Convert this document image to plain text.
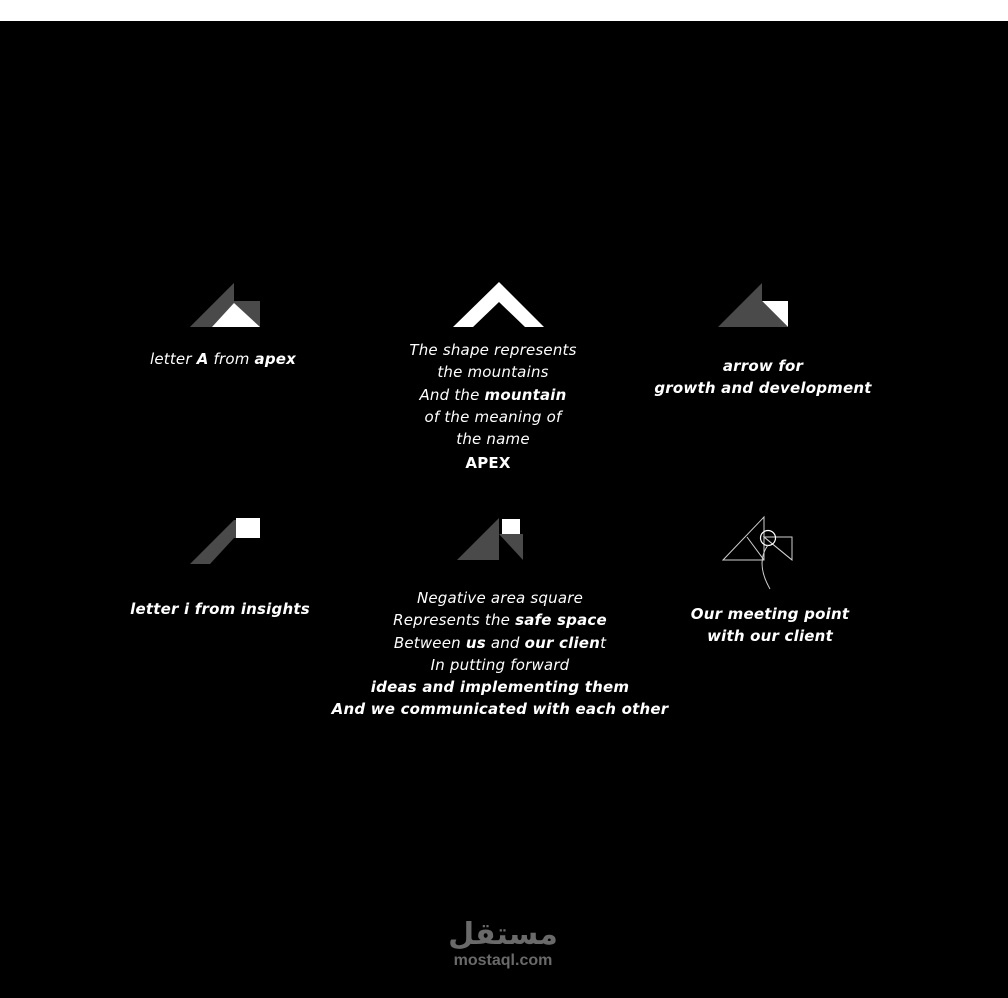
letter A from apex	The shape represents
the mountains
And the mountain
of the meaning of
the name
APEX
arrow for
growth and development
letter i from insights
Negative area square
Represents the safe space
Between us and our client
In putting forward
ideas and implementing them
And we communicated with each other
Our meeting point
with our client
مستقل
mostaql.com
